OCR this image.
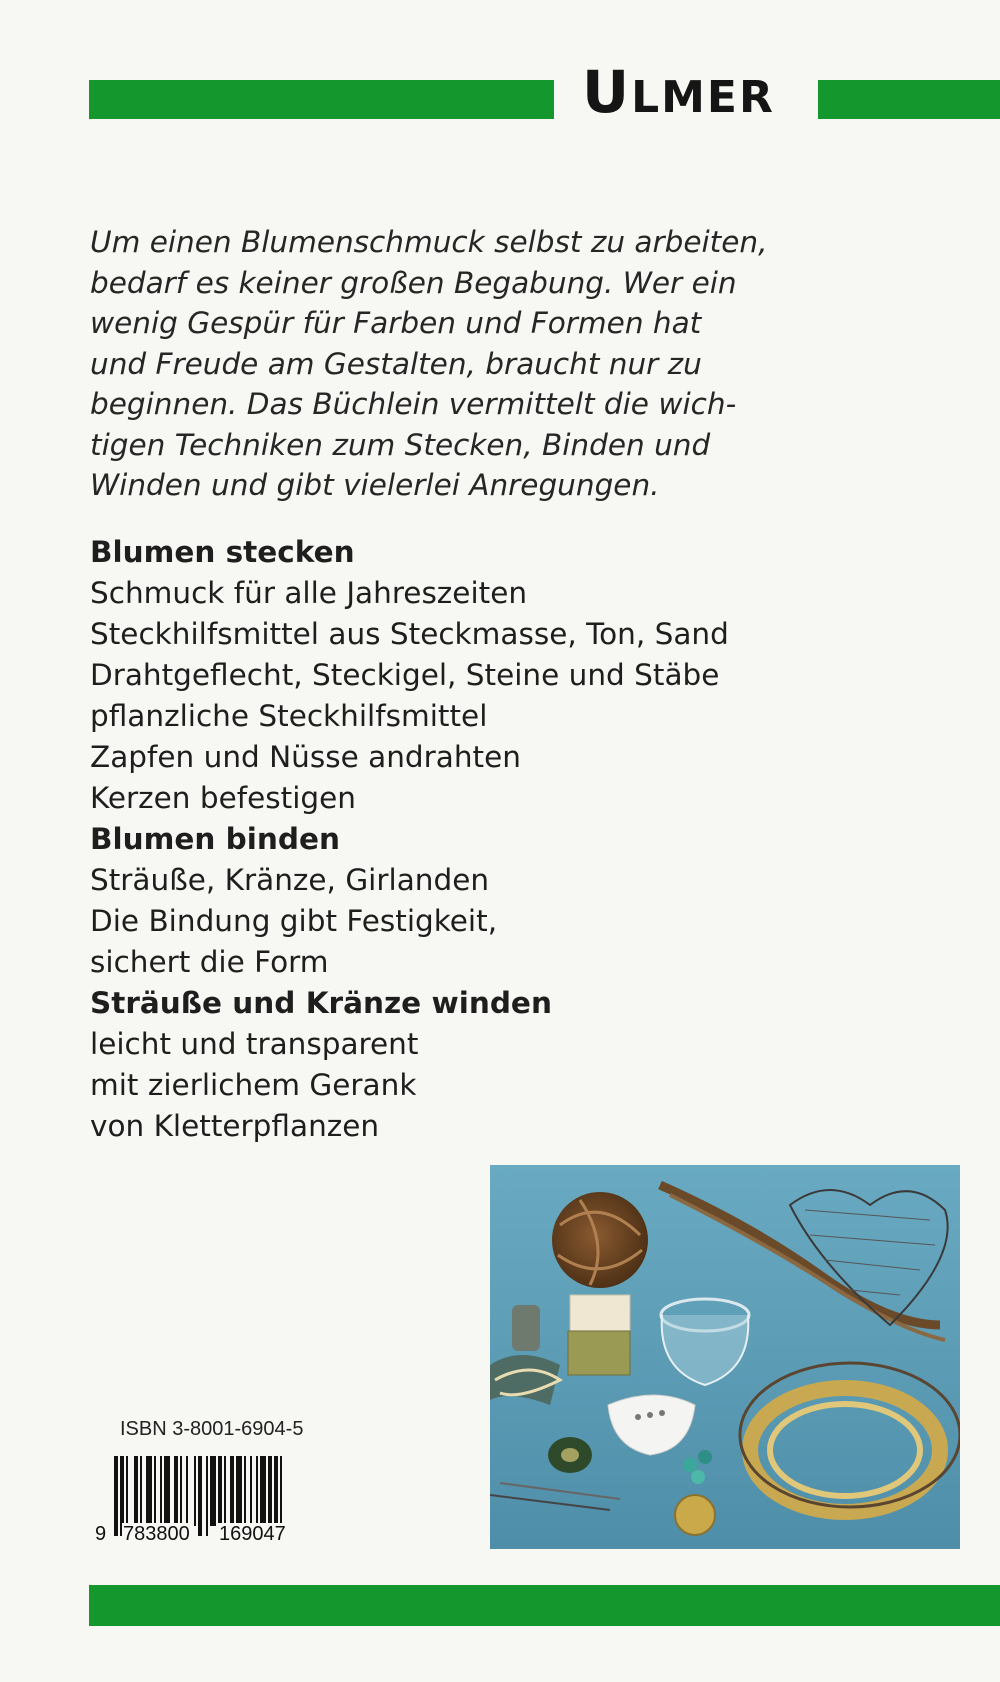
ULMER
Um einen Blumenschmuck selbst zu arbeiten,
bedarf es keiner großen Begabung. Wer ein
wenig Gespür für Farben und Formen hat
und Freude am Gestalten, braucht nur zu
beginnen. Das Büchlein vermittelt die wich-
tigen Techniken zum Stecken, Binden und
Winden und gibt vielerlei Anregungen.
Blumen stecken
Schmuck für alle Jahreszeiten
Steckhilfsmittel aus Steckmasse, Ton, Sand
Drahtgeflecht, Steckigel, Steine und Stäbe
pflanzliche Steckhilfsmittel
Zapfen und Nüsse andrahten
Kerzen befestigen
Blumen binden
Sträuße, Kränze, Girlanden
Die Bindung gibt Festigkeit,
sichert die Form
Sträuße und Kränze winden
leicht und transparent
mit zierlichem Gerank
von Kletterpflanzen
ISBN 3-8001-6904-5
9 783800 169047
